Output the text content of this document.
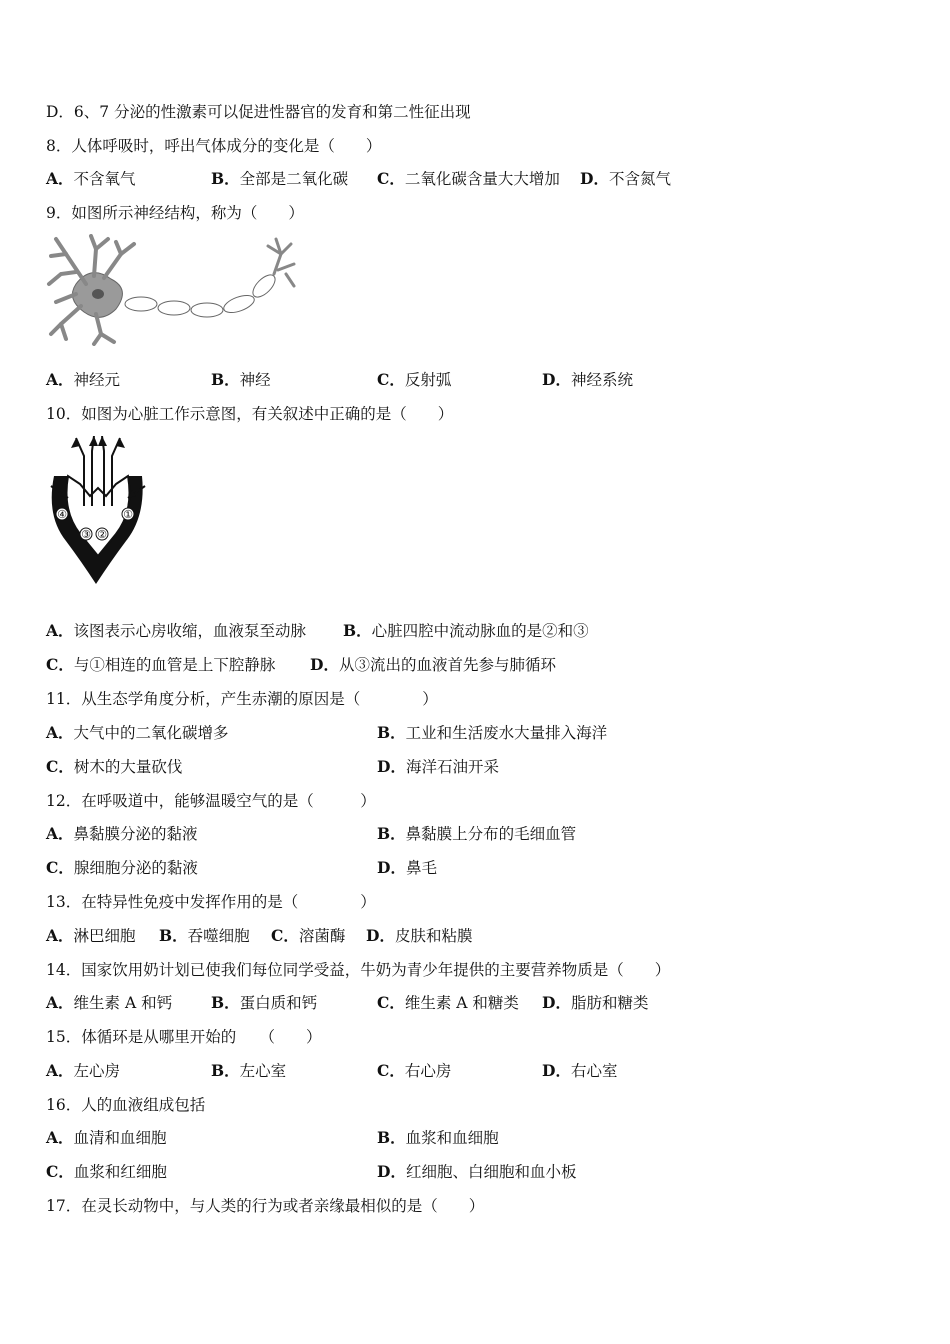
D．6、7 分泌的性激素可以促进性器官的发育和第二性征出现
8．人体呼吸时，呼出气体成分的变化是（　　）
A．不含氧气	B．全部是二氧化碳 C．二氧化碳含量大大增加 D．不含氮气
9．如图所示神经结构，称为（　　）
A．神经元	B．神经	C．反射弧	D．神经系统
10．如图为心脏工作示意图，有关叙述中正确的是（　　）
④
③ ②
①
A．该图表示心房收缩，血液泵至动脉 B．心脏四腔中流动脉血的是②和③
C．与①相连的血管是上下腔静脉 D．从③流出的血液首先参与肺循环
11．从生态学角度分析，产生赤潮的原因是（　　　　）
A．大气中的二氧化碳增多	B．工业和生活废水大量排入海洋
C．树木的大量砍伐	D．海洋石油开采
12．在呼吸道中，能够温暖空气的是（　　　）
A．鼻黏膜分泌的黏液	B．鼻黏膜上分布的毛细血管
C．腺细胞分泌的黏液	D．鼻毛
13．在特异性免疫中发挥作用的是（　　　　）
A．淋巴细胞 B．吞噬细胞 C．溶菌酶 D．皮肤和粘膜
14．国家饮用奶计划已使我们每位同学受益，牛奶为青少年提供的主要营养物质是（　　）
A．维生素 A 和钙	B．蛋白质和钙	C．维生素 A 和糖类 D．脂肪和糖类
15．体循环是从哪里开始的　　（　　）
A．左心房	B．左心室	C．右心房	D．右心室
16．人的血液组成包括
A．血清和血细胞	B．血浆和血细胞
C．血浆和红细胞	D．红细胞、白细胞和血小板
17．在灵长动物中，与人类的行为或者亲缘最相似的是（　　）
